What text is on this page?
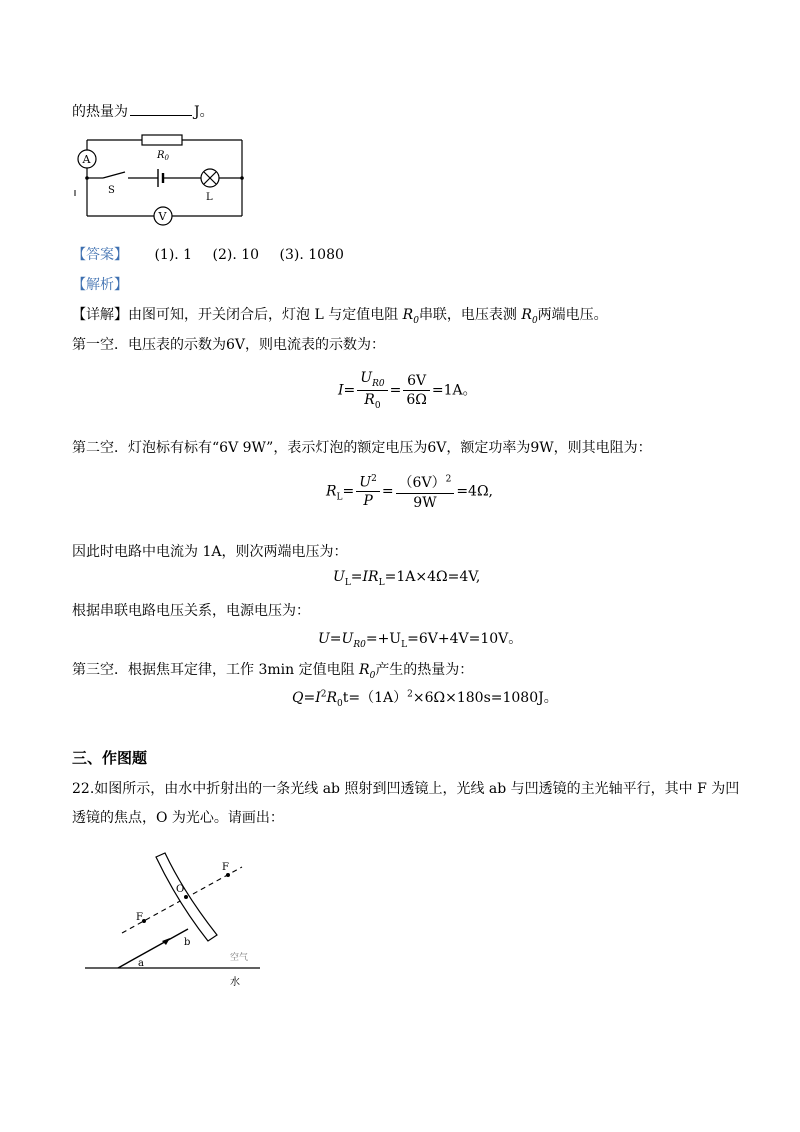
的热量为	J。
A
V
$R_0$
S
L
【答案】 (1). 1 (2). 10 (3). 1080
【解析】
【详解】由图可知，开关闭合后，灯泡 L 与定值电阻 $R_0$串联，电压表测 $R_0$两端电压。
第一空．电压表的示数为6V，则电流表的示数为：
$I= \frac{U_{R0}}{R_0} = \frac{6V}{6\Omega} =1A$。
第二空．灯泡标有标有“6V 9W”，表示灯泡的额定电压为6V，额定功率为9W，则其电阻为：
$R_L= \frac{U^2}{P} = \frac{(6V)^2}{9W} =4\Omega$,
因此时电路中电流为 1A，则次两端电压为：
$U_L=IR_L=1A\times 4\Omega=4V$,
根据串联电路电压关系，电源电压为：
$U=U_{R0}=+U_L=6V+4V=10V$。
第三空．根据焦耳定律，工作 3min 定值电阻 $R_0$产生的热量为：
$Q=I^2R_0t=(1A)^2\times 6\Omega\times 180s=1080J$。
三、作图题
22.如图所示，由水中折射出的一条光线 ab 照射到凹透镜上，光线 ab 与凹透镜的主光轴平行，其中 F 为凹
透镜的焦点，O 为光心。请画出：
F
F
O
a
b
空气
水
